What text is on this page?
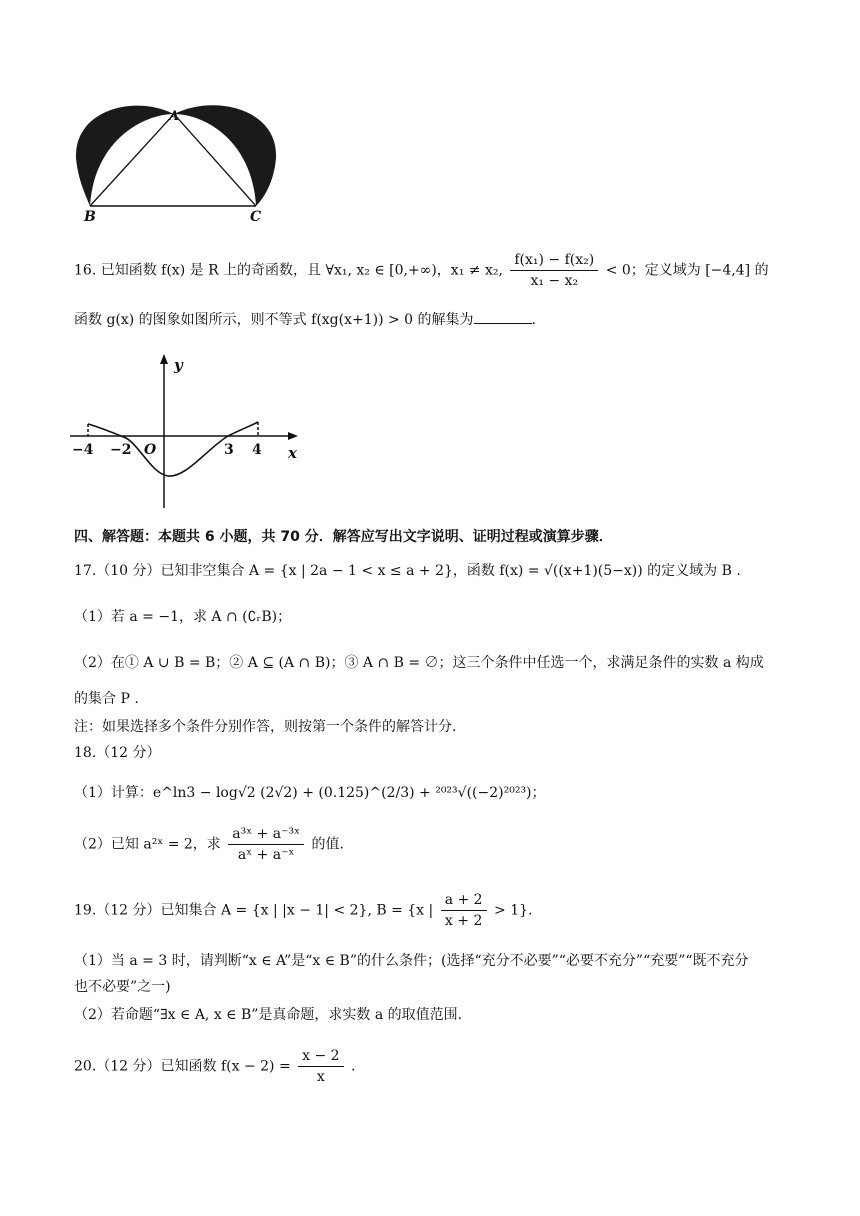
A
B	C
16. 已知函数 f(x) 是 R 上的奇函数，且 ∀x₁, x₂ ∈ [0,+∞)，x₁ ≠ x₂, $\frac{\text{f(x₁) − f(x₂)}}{\text{x₁ − x₂}} < 0$；定义域为 [−4,4] 的
函数 g(x) 的图象如图所示，则不等式 f(xg(x+1)) > 0 的解集为	.
y
x
−4 −2 O	3 4
四、解答题：本题共 6 小题，共 70 分．解答应写出文字说明、证明过程或演算步骤．
17.（10 分）已知非空集合 A = {x | 2a − 1 < x ≤ a + 2}，函数 f(x) = √((x+1)(5−x)) 的定义域为 B .
（1）若 a = −1，求 A ∩ (∁ᵣB)；
（2）在① A ∪ B = B；② A ⊆ (A ∩ B)；③ A ∩ B = ∅；这三个条件中任选一个，求满足条件的实数 a 构成
的集合 P .
注：如果选择多个条件分别作答，则按第一个条件的解答计分.
18.（12 分）
（1）计算：e^ln3 − log√2 (2√2) + (0.125)^(2/3) + ²⁰²³√((−2)²⁰²³)；
（2）已知 a²ˣ = 2，求 $\frac{\text{a³ˣ + a⁻³ˣ}}{\text{aˣ + a⁻ˣ}}$ 的值.
19.（12 分）已知集合 A = {x | |x − 1| < 2}, B = {x | $\frac{a + 2}{x + 2} > 1$}.
（1）当 a = 3 时，请判断“x ∈ A”是“x ∈ B”的什么条件；(选择“充分不必要”“必要不充分”“充要”“既不充分
也不必要”之一)
（2）若命题“∃x ∈ A, x ∈ B”是真命题，求实数 a 的取值范围.
20.（12 分）已知函数 $f(x - 2) = \frac{x - 2}{x}$ .
